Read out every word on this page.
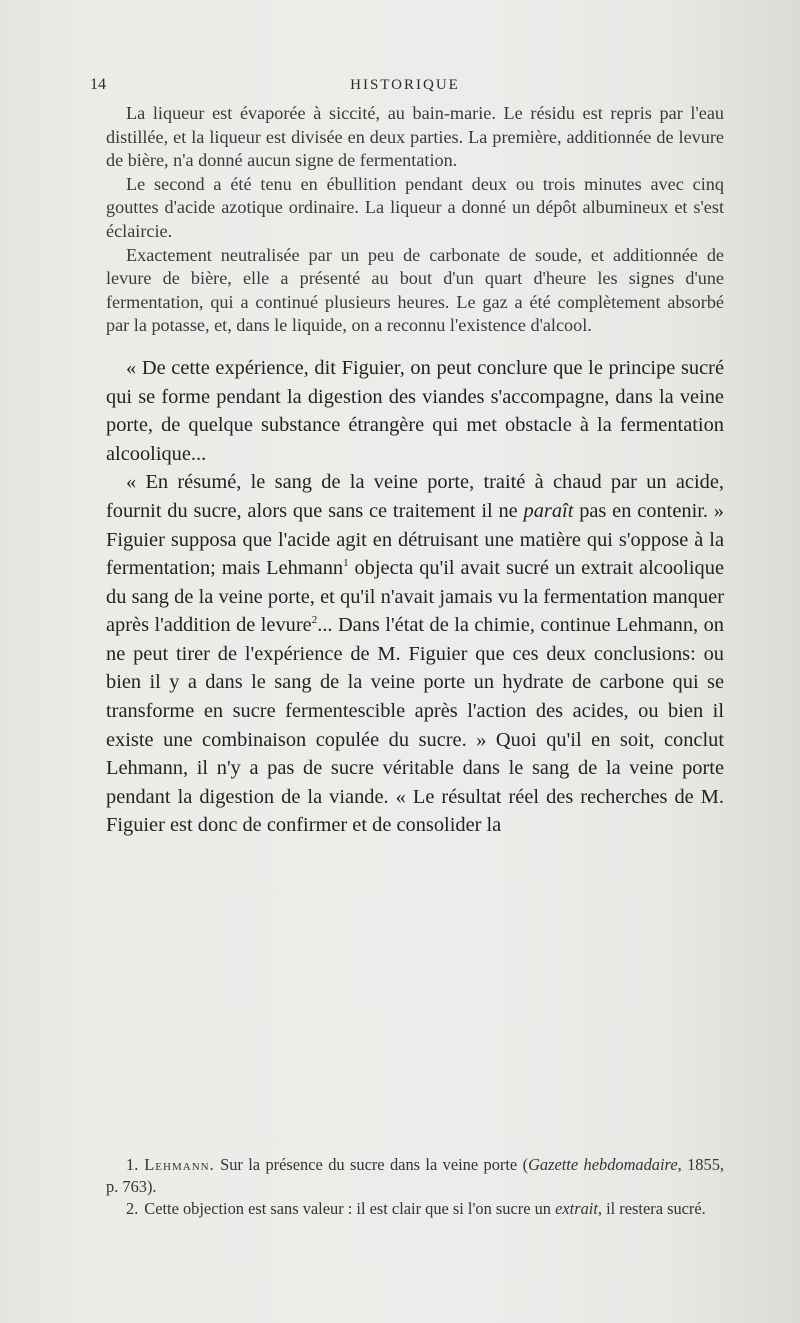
14	HISTORIQUE

La liqueur est évaporée à siccité, au bain-marie. Le résidu est repris par l'eau distillée, et la liqueur est divisée en deux parties. La première, additionnée de levure de bière, n'a donné aucun signe de fermentation.

Le second a été tenu en ébullition pendant deux ou trois minutes avec cinq gouttes d'acide azotique ordinaire. La liqueur a donné un dépôt albumineux et s'est éclaircie.

Exactement neutralisée par un peu de carbonate de soude, et additionnée de levure de bière, elle a présenté au bout d'un quart d'heure les signes d'une fermentation, qui a continué plusieurs heures. Le gaz a été complètement absorbé par la potasse, et, dans le liquide, on a reconnu l'existence d'alcool.

« De cette expérience, dit Figuier, on peut conclure que le principe sucré qui se forme pendant la digestion des viandes s'accompagne, dans la veine porte, de quelque substance étrangère qui met obstacle à la fermentation alcoolique...

« En résumé, le sang de la veine porte, traité à chaud par un acide, fournit du sucre, alors que sans ce traitement il ne paraît pas en contenir. » Figuier supposa que l'acide agit en détruisant une matière qui s'oppose à la fermentation; mais Lehmann$^1$ objecta qu'il avait sucré un extrait alcoolique du sang de la veine porte, et qu'il n'avait jamais vu la fermentation manquer après l'addition de levure$^2$... Dans l'état de la chimie, continue Lehmann, on ne peut tirer de l'expérience de M. Figuier que ces deux conclusions: ou bien il y a dans le sang de la veine porte un hydrate de carbone qui se transforme en sucre fermentescible après l'action des acides, ou bien il existe une combinaison copulée du sucre. » Quoi qu'il en soit, conclut Lehmann, il n'y a pas de sucre véritable dans le sang de la veine porte pendant la digestion de la viande. « Le résultat réel des recherches de M. Figuier est donc de confirmer et de consolider la

1. Lehmann. Sur la présence du sucre dans la veine porte (Gazette hebdomadaire, 1855, p. 763).

2. Cette objection est sans valeur : il est clair que si l'on sucre un extrait, il restera sucré.
